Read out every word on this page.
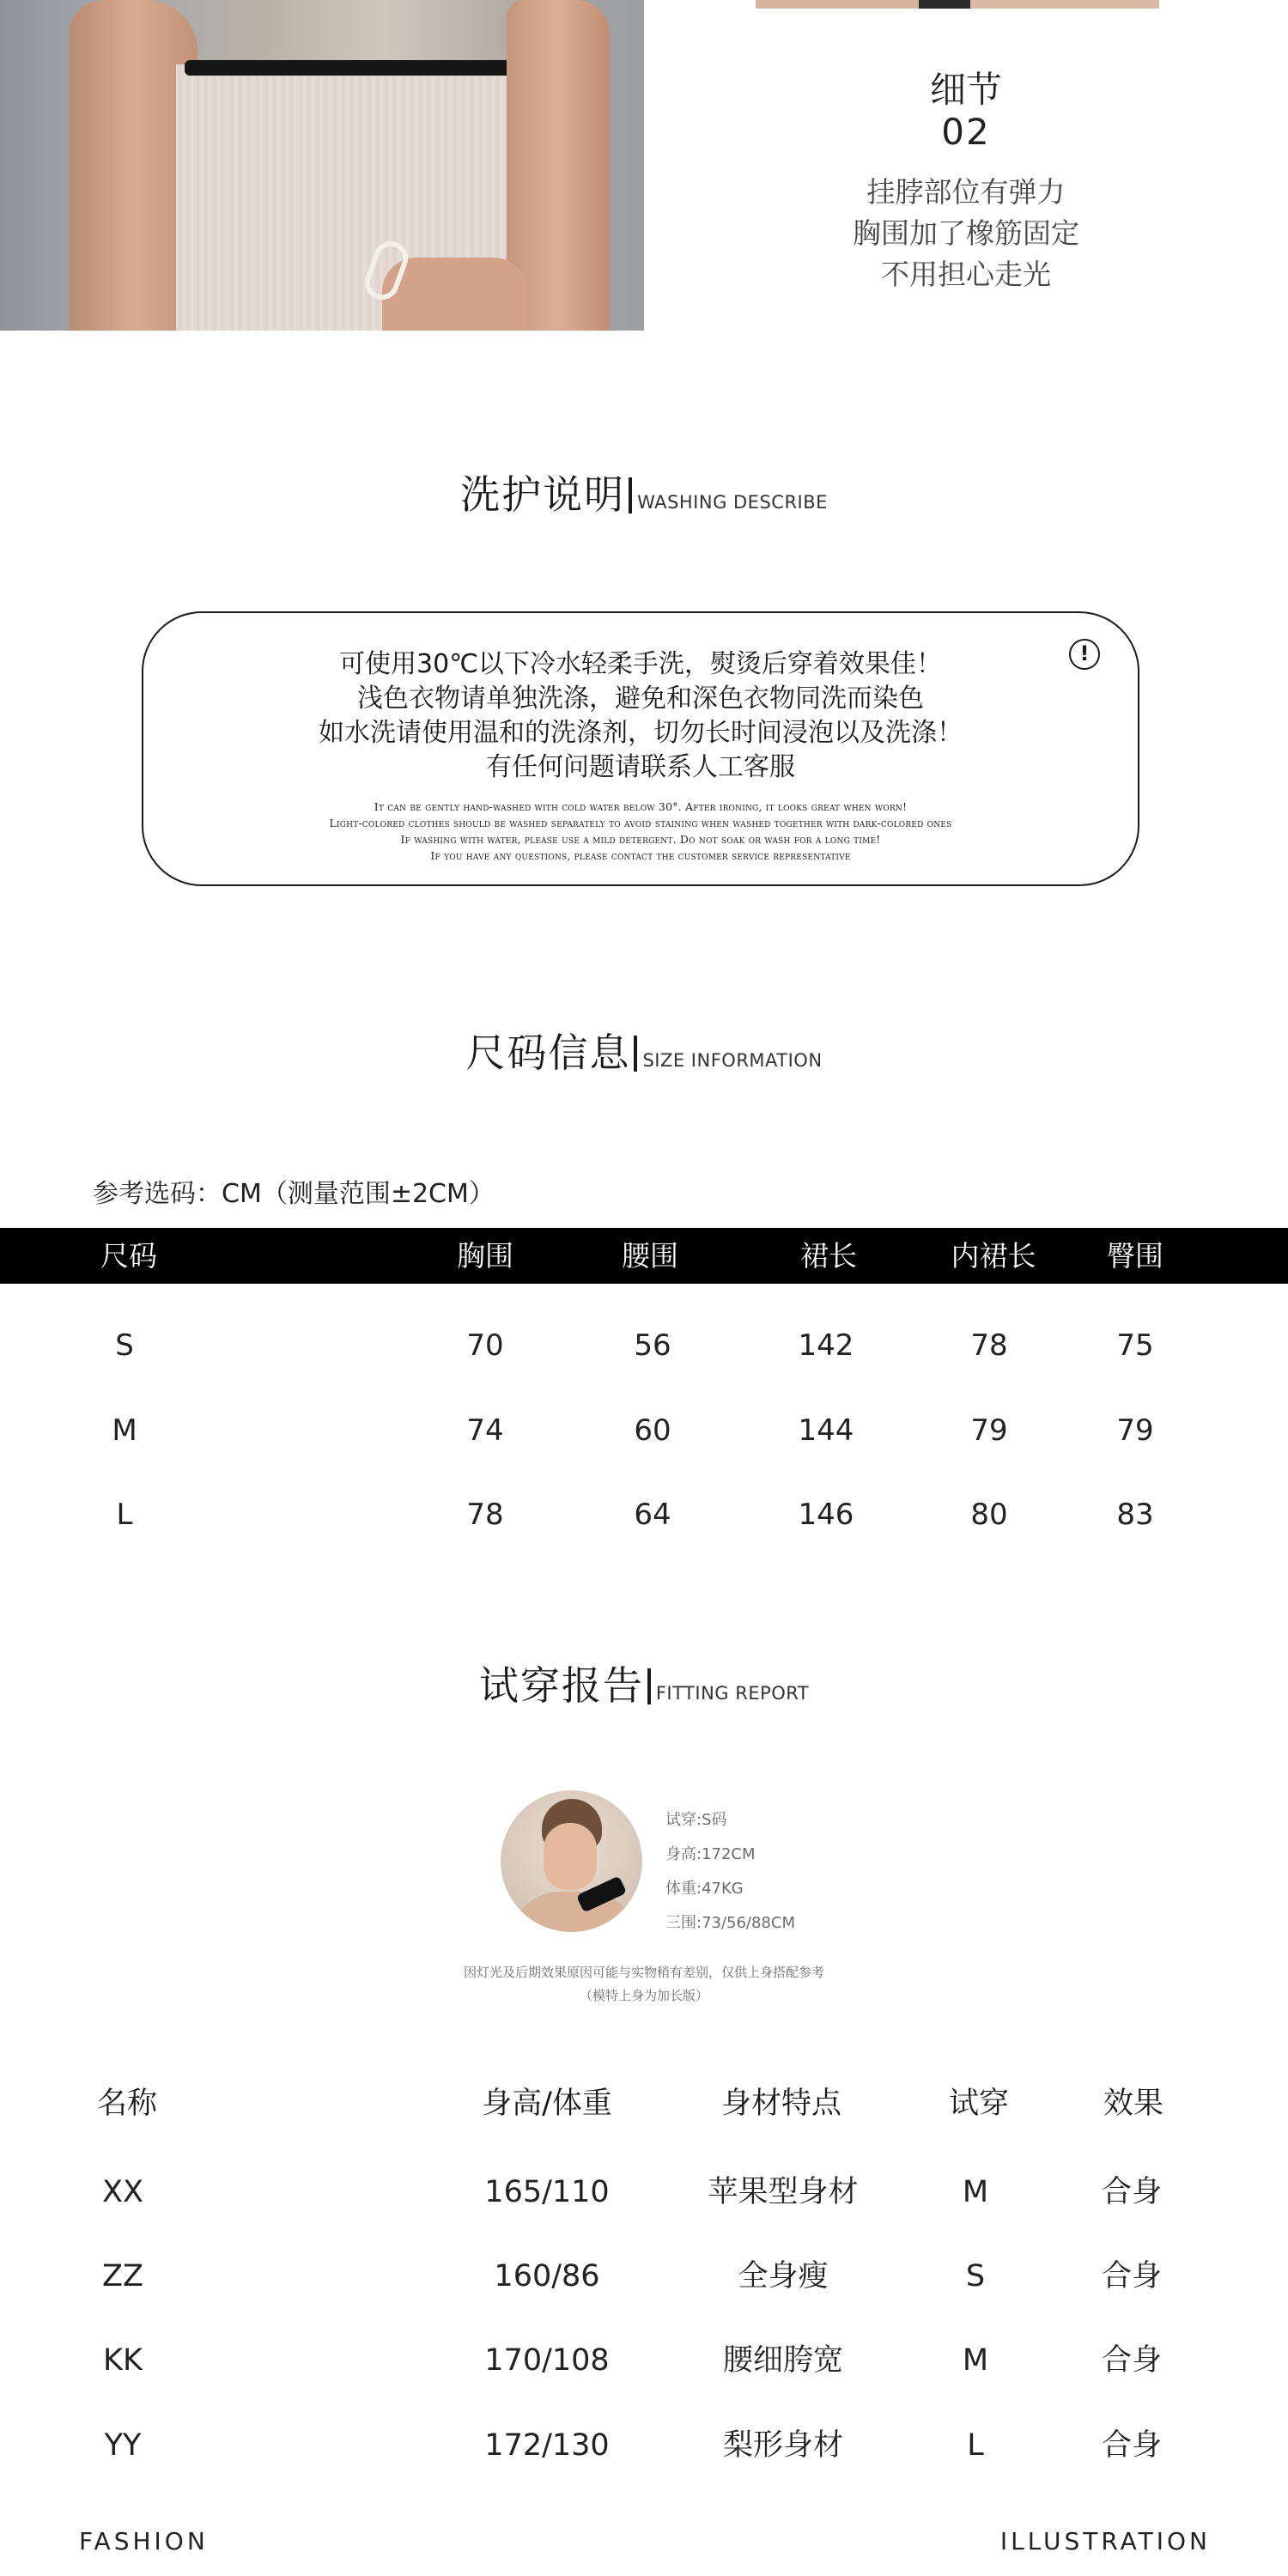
细节
02
挂脖部位有弹力
胸围加了橡筋固定
不用担心走光
洗护说明 WASHING DESCRIBE
!
可使用30℃以下冷水轻柔手洗，熨烫后穿着效果佳！
浅色衣物请单独洗涤，避免和深色衣物同洗而染色
如水洗请使用温和的洗涤剂，切勿长时间浸泡以及洗涤！
有任何问题请联系人工客服
It can be gently hand-washed with cold water below 30°. After ironing, it looks great when worn!
Light-colored clothes should be washed separately to avoid staining when washed together with dark-colored ones
If washing with water, please use a mild detergent. Do not soak or wash for a long time!
If you have any questions, please contact the customer service representative
尺码信息 SIZE INFORMATION
参考选码：CM（测量范围±2CM）
尺码	胸围	腰围	裙长	内裙长	臀围
S	70	56	142	78	75
M	74	60	144	79	79
L	78	64	146	80	83
试穿报告 FITTING REPORT
试穿:S码
身高:172CM
体重:47KG
三围:73/56/88CM
因灯光及后期效果原因可能与实物稍有差别，仅供上身搭配参考
（模特上身为加长版）
名称	身高/体重	身材特点	试穿	效果
XX	165/110	苹果型身材	M	合身
ZZ	160/86	全身瘦	S	合身
KK	170/108	腰细胯宽	M	合身
YY	172/130	梨形身材	L	合身
FASHION	ILLUSTRATION
